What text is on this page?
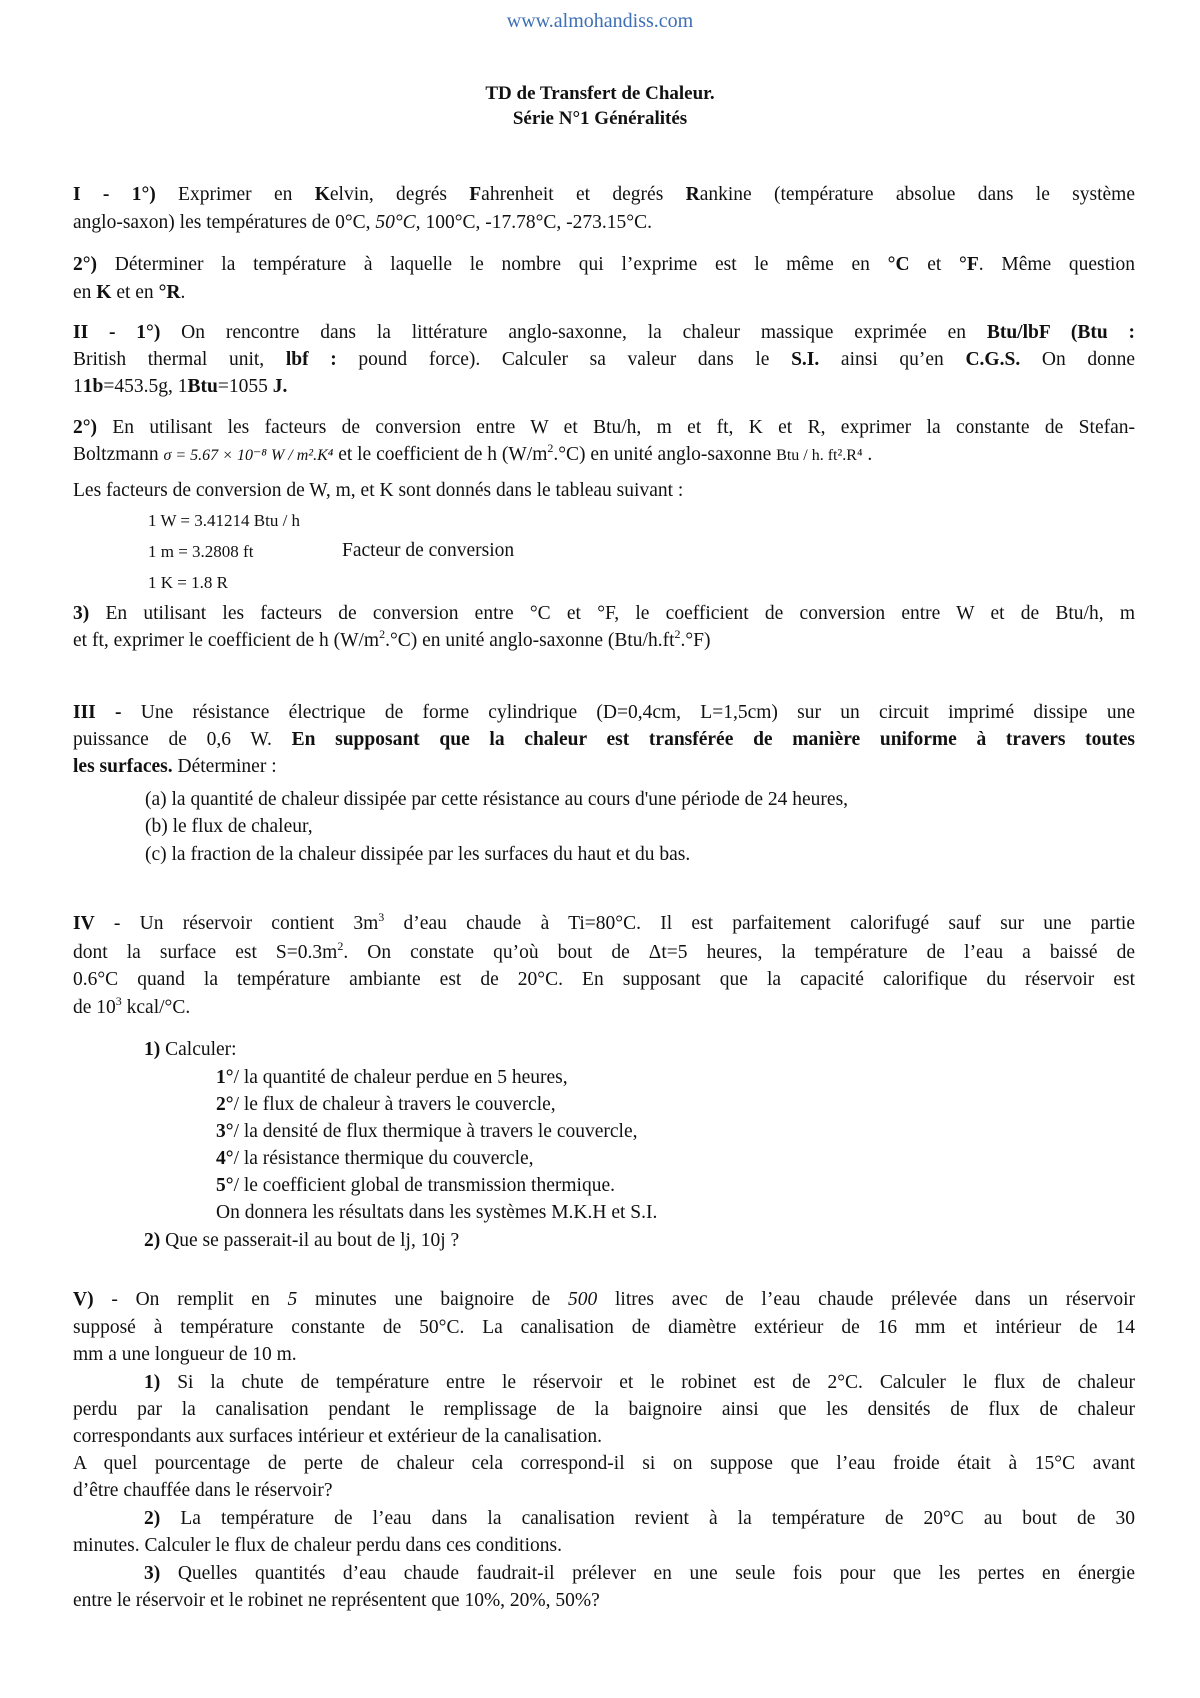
www.almohandiss.com
TD de Transfert de Chaleur.
Série N°1 Généralités
I - 1°) Exprimer en Kelvin, degrés Fahrenheit et degrés Rankine (température absolue dans le système
anglo-saxon) les températures de 0°C, 50°C, 100°C, -17.78°C, -273.15°C.
2°) Déterminer la température à laquelle le nombre qui l’exprime est le même en °C et °F. Même question
en K et en °R.
II - 1°) On rencontre dans la littérature anglo-saxonne, la chaleur massique exprimée en Btu/lbF (Btu :
British thermal unit, lbf : pound force). Calculer sa valeur dans le S.I. ainsi qu’en C.G.S. On donne
11b=453.5g, 1Btu=1055 J.
2°) En utilisant les facteurs de conversion entre W et Btu/h, m et ft, K et R, exprimer la constante de Stefan-
Boltzmann σ = 5.67 × 10⁻⁸ W / m².K⁴ et le coefficient de h $(W/m^2.^\circ C)$ en unité anglo-saxonne Btu / h. ft².R⁴ .
Les facteurs de conversion de W, m, et K sont donnés dans le tableau suivant :
1 W = 3.41214 Btu / h
1 m = 3.2808 ft	Facteur de conversion
1 K = 1.8 R
3) En utilisant les facteurs de conversion entre °C et °F, le coefficient de conversion entre W et de Btu/h, m
et ft, exprimer le coefficient de h $(W/m^2.^\circ C)$ en unité anglo-saxonne $(Btu/h.ft^2.^\circ F)$
III - Une résistance électrique de forme cylindrique (D=0,4cm, L=1,5cm) sur un circuit imprimé dissipe une
puissance de 0,6 W. En supposant que la chaleur est transférée de manière uniforme à travers toutes
les surfaces. Déterminer :
(a) la quantité de chaleur dissipée par cette résistance au cours d'une période de 24 heures,
(b) le flux de chaleur,
(c) la fraction de la chaleur dissipée par les surfaces du haut et du bas.
IV - Un réservoir contient $3m^3$ d’eau chaude à Ti=80°C. Il est parfaitement calorifugé sauf sur une partie
dont la surface est $S=0.3m^2$. On constate qu’où bout de Δt=5 heures, la température de l’eau a baissé de
0.6°C quand la température ambiante est de 20°C. En supposant que la capacité calorifique du réservoir est
de $10^3$ kcal/°C.
1) Calculer:
1°/ la quantité de chaleur perdue en 5 heures,
2°/ le flux de chaleur à travers le couvercle,
3°/ la densité de flux thermique à travers le couvercle,
4°/ la résistance thermique du couvercle,
5°/ le coefficient global de transmission thermique.
On donnera les résultats dans les systèmes M.K.H et S.I.
2) Que se passerait-il au bout de lj, 10j ?
V) - On remplit en 5 minutes une baignoire de 500 litres avec de l’eau chaude prélevée dans un réservoir
supposé à température constante de 50°C. La canalisation de diamètre extérieur de 16 mm et intérieur de 14
mm a une longueur de 10 m.
1) Si la chute de température entre le réservoir et le robinet est de 2°C. Calculer le flux de chaleur
perdu par la canalisation pendant le remplissage de la baignoire ainsi que les densités de flux de chaleur
correspondants aux surfaces intérieur et extérieur de la canalisation.
A quel pourcentage de perte de chaleur cela correspond-il si on suppose que l’eau froide était à 15°C avant
d’être chauffée dans le réservoir?
2) La température de l’eau dans la canalisation revient à la température de 20°C au bout de 30
minutes. Calculer le flux de chaleur perdu dans ces conditions.
3) Quelles quantités d’eau chaude faudrait-il prélever en une seule fois pour que les pertes en énergie
entre le réservoir et le robinet ne représentent que 10%, 20%, 50%?
